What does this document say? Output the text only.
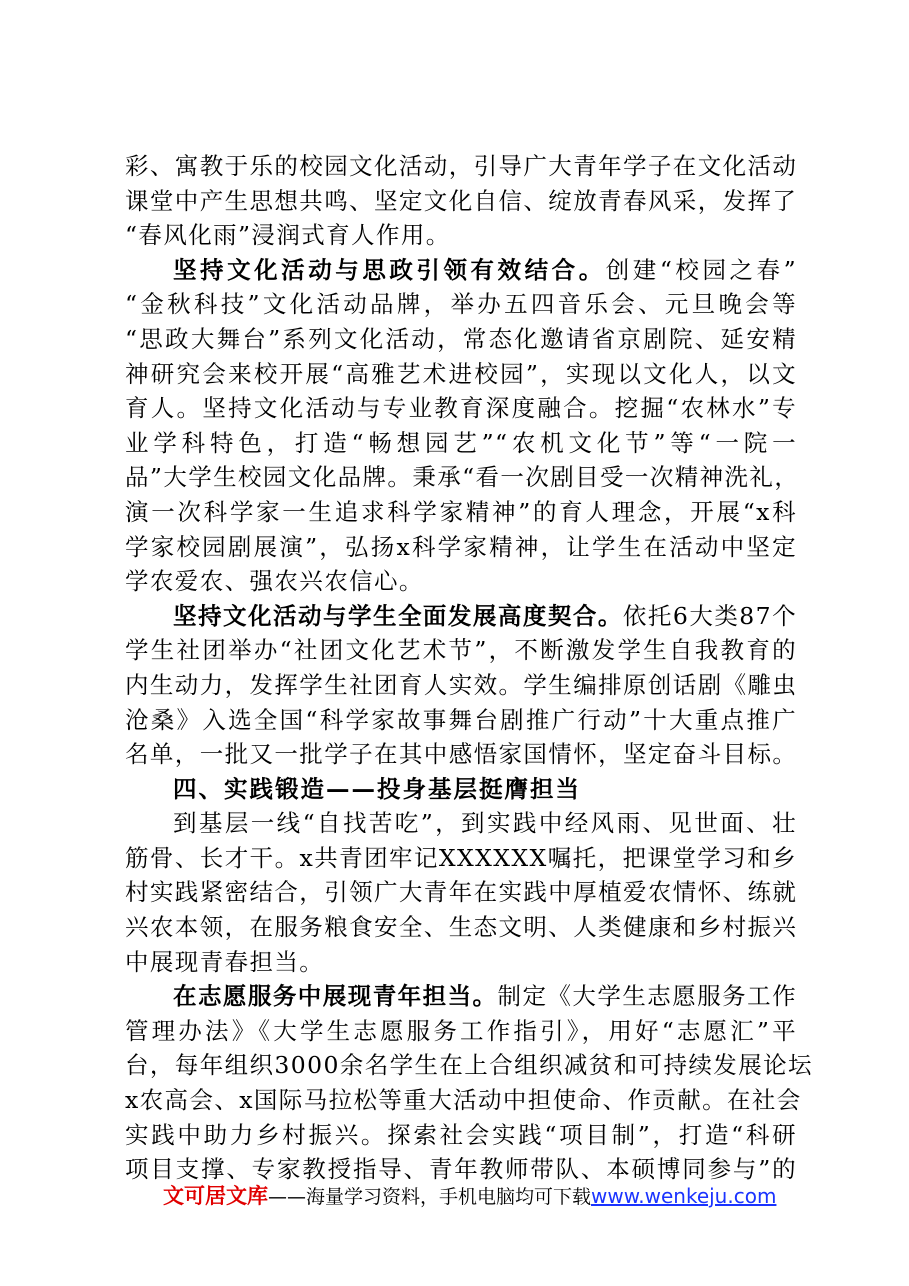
彩、寓教于乐的校园文化活动，引导广大青年学子在文化活动
课堂中产生思想共鸣、坚定文化自信、绽放青春风采，发挥了
“春风化雨”浸润式育人作用。
坚持文化活动与思政引领有效结合。创建“校园之春”
“金秋科技”文化活动品牌，举办五四音乐会、元旦晚会等
“思政大舞台”系列文化活动，常态化邀请省京剧院、延安精
神研究会来校开展“高雅艺术进校园”，实现以文化人，以文
育人。坚持文化活动与专业教育深度融合。挖掘“农林水”专
业学科特色，打造“畅想园艺”“农机文化节”等“一院一
品”大学生校园文化品牌。秉承“看一次剧目受一次精神洗礼，
演一次科学家一生追求科学家精神”的育人理念，开展“x科
学家校园剧展演”，弘扬x科学家精神，让学生在活动中坚定
学农爱农、强农兴农信心。
坚持文化活动与学生全面发展高度契合。依托6大类87个
学生社团举办“社团文化艺术节”，不断激发学生自我教育的
内生动力，发挥学生社团育人实效。学生编排原创话剧《雕虫
沧桑》入选全国“科学家故事舞台剧推广行动”十大重点推广
名单，一批又一批学子在其中感悟家国情怀，坚定奋斗目标。
四、实践锻造——投身基层挺膺担当
到基层一线“自找苦吃”，到实践中经风雨、见世面、壮
筋骨、长才干。x共青团牢记XXXXXX嘱托，把课堂学习和乡
村实践紧密结合，引领广大青年在实践中厚植爱农情怀、练就
兴农本领，在服务粮食安全、生态文明、人类健康和乡村振兴
中展现青春担当。
在志愿服务中展现青年担当。制定《大学生志愿服务工作
管理办法》《大学生志愿服务工作指引》，用好“志愿汇”平
台，每年组织3000余名学生在上合组织减贫和可持续发展论坛
x农高会、x国际马拉松等重大活动中担使命、作贡献。在社会
实践中助力乡村振兴。探索社会实践“项目制”，打造“科研
项目支撑、专家教授指导、青年教师带队、本硕博同参与”的
文可居文库 ——海量学习资料，手机电脑均可下载 www.wenkeju.com
